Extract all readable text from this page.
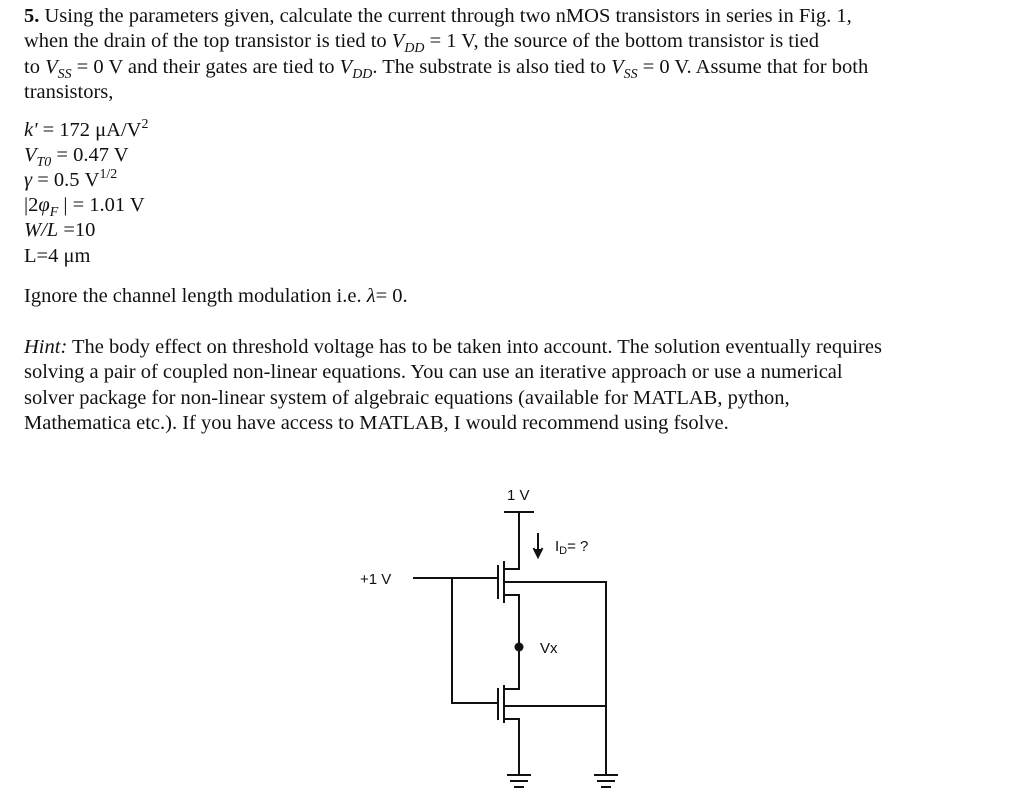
5. Using the parameters given, calculate the current through two nMOS transistors in series in Fig. 1,
when the drain of the top transistor is tied to $V_{DD} = 1$ V, the source of the bottom transistor is tied
to $V_{SS} = 0$ V and their gates are tied to $V_{DD}$. The substrate is also tied to $V_{SS} = 0$ V. Assume that for both
transistors,

k' = 172 $\mu A/V^2$
$V_{T0} = 0.47$ V
γ = 0.5 $V^{1/2}$
$|2\varphi_F$ | = 1.01 V
W/L =10
L=4 μm
Ignore the channel length modulation i.e. λ= 0.

Hint: The body effect on threshold voltage has to be taken into account. The solution eventually requires
solving a pair of coupled non-linear equations. You can use an iterative approach or use a numerical
solver package for non-linear system of algebraic equations (available for MATLAB, python,
Mathematica etc.). If you have access to MATLAB, I would recommend using fsolve.

1 V
+1 V
$I_D=$ ?
Vx
